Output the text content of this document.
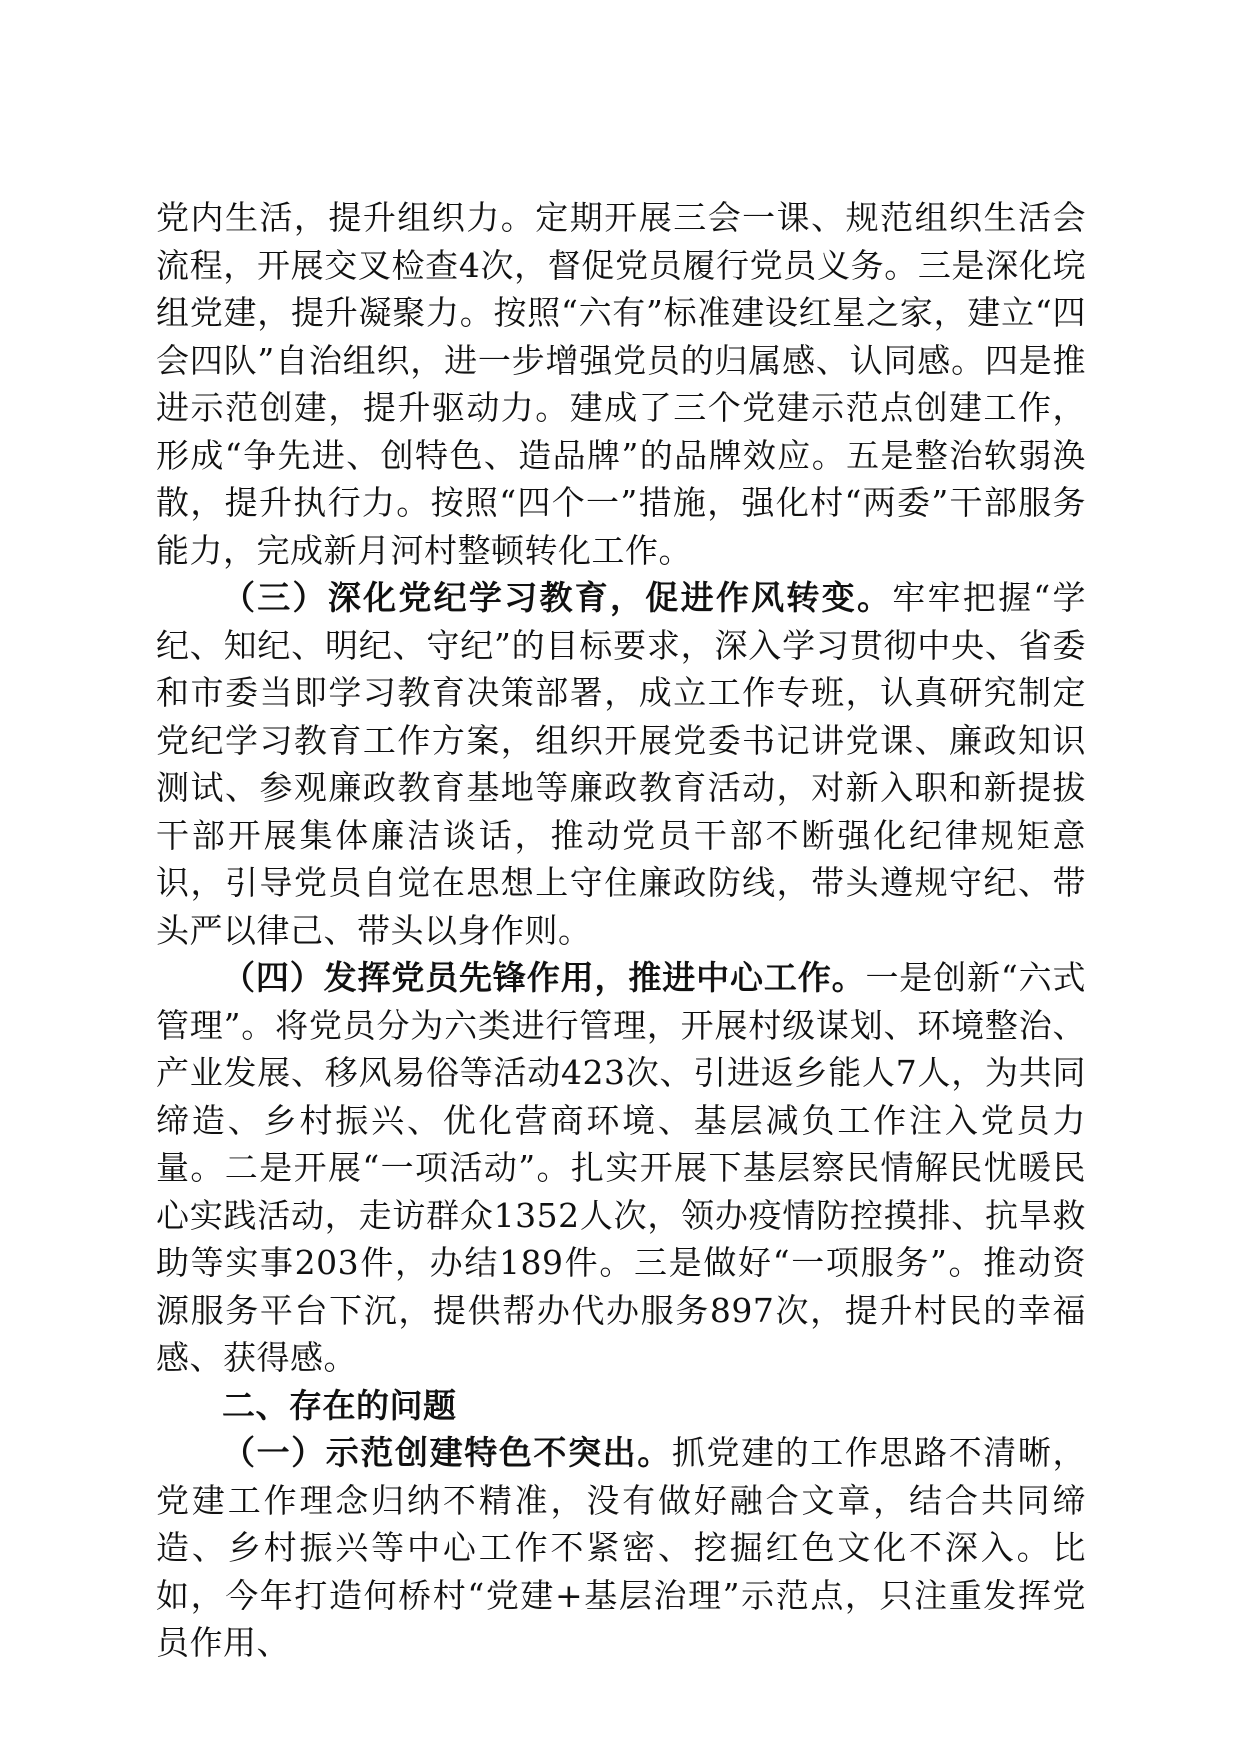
党内生活，提升组织力。定期开展三会一课、规范组织生活会流程，开展交叉检查4次，督促党员履行党员义务。三是深化垸组党建，提升凝聚力。按照“六有”标准建设红星之家，建立“四会四队”自治组织，进一步增强党员的归属感、认同感。四是推进示范创建，提升驱动力。建成了三个党建示范点创建工作，形成“争先进、创特色、造品牌”的品牌效应。五是整治软弱涣散，提升执行力。按照“四个一”措施，强化村“两委”干部服务能力，完成新月河村整顿转化工作。

（三）深化党纪学习教育，促进作风转变。牢牢把握“学纪、知纪、明纪、守纪”的目标要求，深入学习贯彻中央、省委和市委当即学习教育决策部署，成立工作专班，认真研究制定党纪学习教育工作方案，组织开展党委书记讲党课、廉政知识测试、参观廉政教育基地等廉政教育活动，对新入职和新提拔干部开展集体廉洁谈话，推动党员干部不断强化纪律规矩意识，引导党员自觉在思想上守住廉政防线，带头遵规守纪、带头严以律己、带头以身作则。

（四）发挥党员先锋作用，推进中心工作。一是创新“六式管理”。将党员分为六类进行管理，开展村级谋划、环境整治、产业发展、移风易俗等活动423次、引进返乡能人7人，为共同缔造、乡村振兴、优化营商环境、基层减负工作注入党员力量。二是开展“一项活动”。扎实开展下基层察民情解民忧暖民心实践活动，走访群众1352人次，领办疫情防控摸排、抗旱救助等实事203件，办结189件。三是做好“一项服务”。推动资源服务平台下沉，提供帮办代办服务897次，提升村民的幸福感、获得感。

二、存在的问题

（一）示范创建特色不突出。抓党建的工作思路不清晰，党建工作理念归纳不精准，没有做好融合文章，结合共同缔造、乡村振兴等中心工作不紧密、挖掘红色文化不深入。比如，今年打造何桥村“党建+基层治理”示范点，只注重发挥党员作用、
